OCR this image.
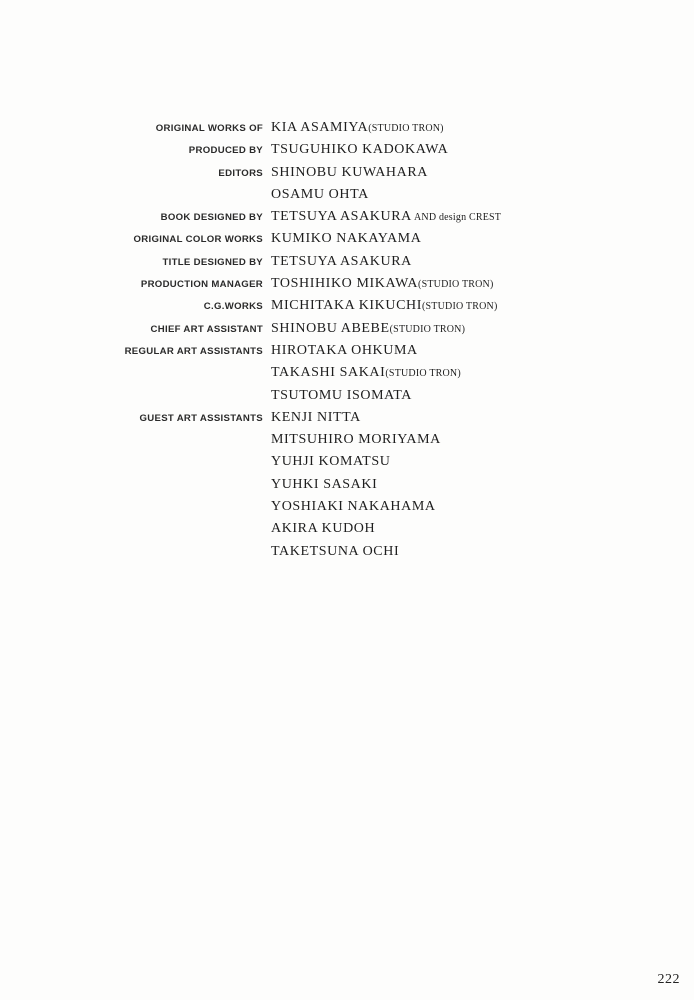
ORIGINAL WORKS OF KIA ASAMIYA(STUDIO TRON)
PRODUCED BY TSUGUHIKO KADOKAWA
EDITORS SHINOBU KUWAHARA
OSAMU OHTA
BOOK DESIGNED BY TETSUYA ASAKURA AND design CREST
ORIGINAL COLOR WORKS KUMIKO NAKAYAMA
TITLE DESIGNED BY TETSUYA ASAKURA
PRODUCTION MANAGER TOSHIHIKO MIKAWA(STUDIO TRON)
C.G.WORKS MICHITAKA KIKUCHI(STUDIO TRON)
CHIEF ART ASSISTANT SHINOBU ABEBE(STUDIO TRON)
REGULAR ART ASSISTANTS HIROTAKA OHKUMA
TAKASHI SAKAI(STUDIO TRON)
TSUTOMU ISOMATA
GUEST ART ASSISTANTS KENJI NITTA
MITSUHIRO MORIYAMA
YUHJI KOMATSU
YUHKI SASAKI
YOSHIAKI NAKAHAMA
AKIRA KUDOH
TAKETSUNA OCHI
222
